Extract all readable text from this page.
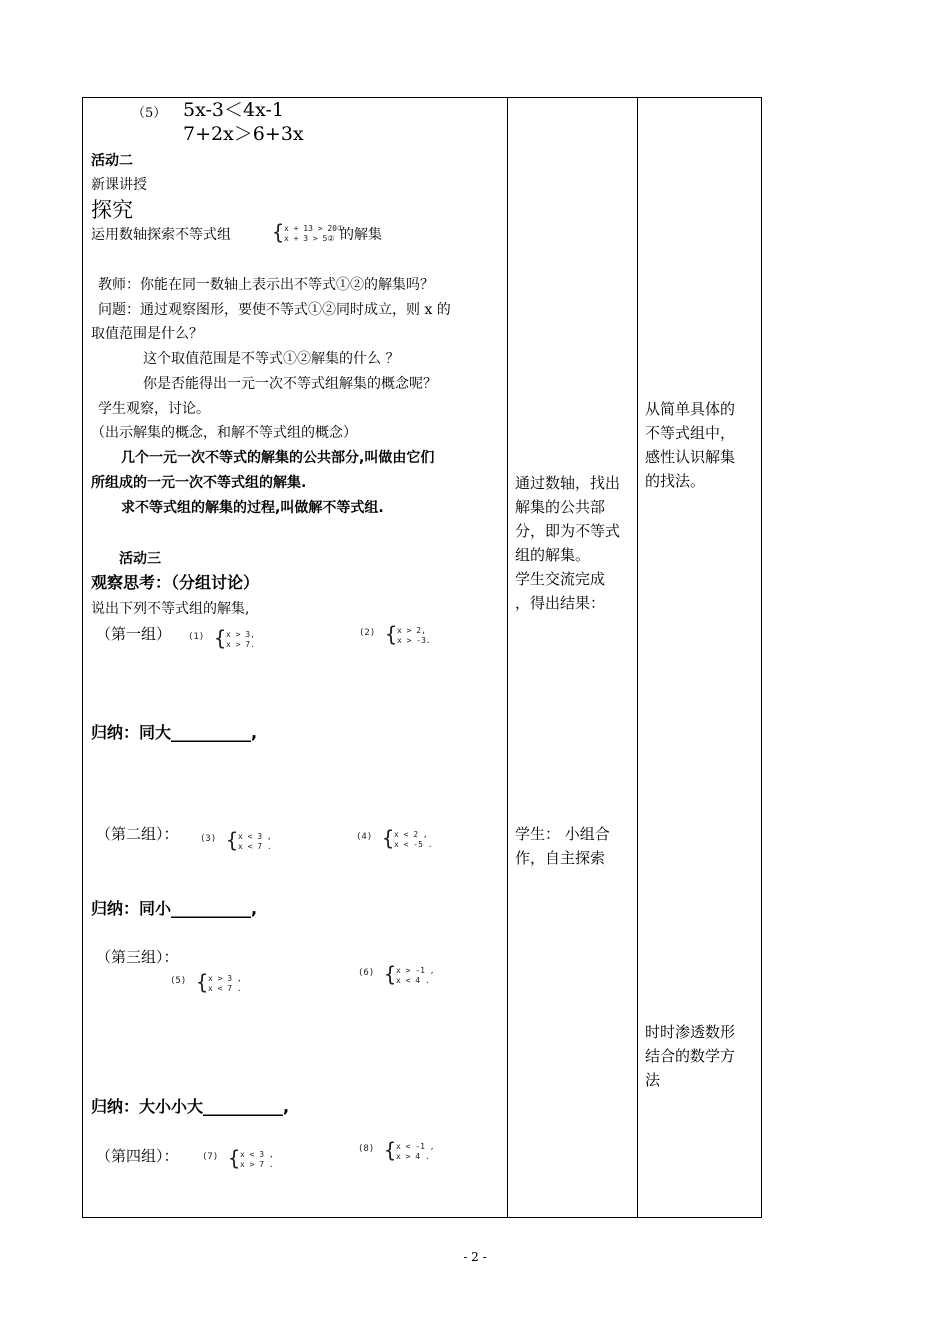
（5） 5x-3＜4x-1
7+2x＞6+3x
活动二
新课讲授
探究
运用数轴探索不等式组 { x + 13 > 20①
x + 3 > 5② 的解集
教师：你能在同一数轴上表示出不等式①②的解集吗？
问题：通过观察图形，要使不等式①②同时成立，则 x 的
取值范围是什么？
这个取值范围是不等式①②解集的什么 ？
你是否能得出一元一次不等式组解集的概念呢？
学生观察，讨论。
（出示解集的概念，和解不等式组的概念）
几个一元一次不等式的解集的公共部分,叫做由它们
所组成的一元一次不等式组的解集.
求不等式组的解集的过程,叫做解不等式组.
活动三
观察思考：（分组讨论）
说出下列不等式组的解集,
（第一组） (1) { x > 3,
x > 7.
(2) { x > 2,
x > -3.
归纳：同大__________,
（第二组）： (3) { x < 3 ,
x < 7 .
(4) { x < 2 ,
x < -5 .
归纳：同小__________,
（第三组）：
(5) { x > 3 ,
x < 7 .
(6) { x > -1 ,
x < 4 .
归纳：大小小大__________,
（第四组）：	(7) { x < 3 ,
x > 7 .
(8) { x < -1 ,
x > 4 .
通过数轴，找出
解集的公共部
分，即为不等式
组的解集。
学生交流完成
，得出结果：
学生： 小组合
作，自主探索
从简单具体的
不等式组中，
感性认识解集
的找法。
时时渗透数形
结合的数学方
法
- 2 -
